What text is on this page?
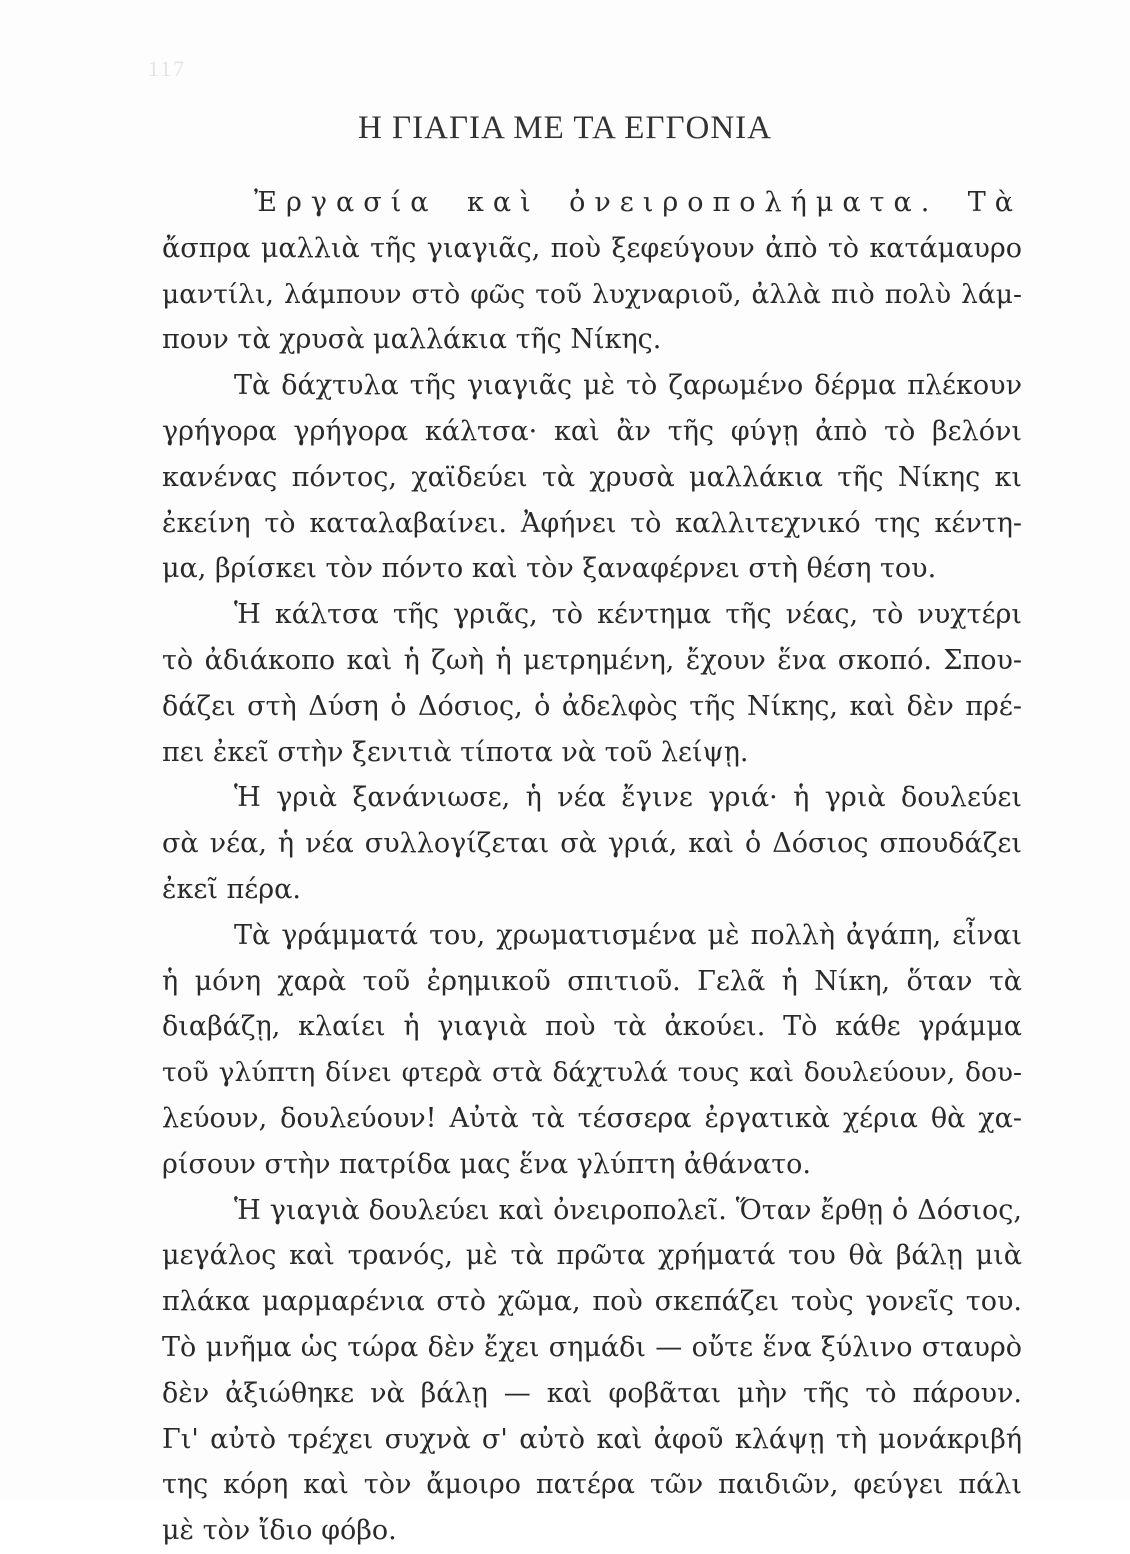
117
Η ΓΙΑΓΙΑ ΜΕ ΤΑ ΕΓΓΟΝΙΑ
Ἐργασία καὶ ὀνειροπολήματα. Τὰ
ἄσπρα μαλλιὰ τῆς γιαγιᾶς, ποὺ ξεφεύγουν ἀπὸ τὸ κατάμαυρο
μαντίλι, λάμπουν στὸ φῶς τοῦ λυχναριοῦ, ἀλλὰ πιὸ πολὺ λάμ-
πουν τὰ χρυσὰ μαλλάκια τῆς Νίκης.
Τὰ δάχτυλα τῆς γιαγιᾶς μὲ τὸ ζαρωμένο δέρμα πλέκουν
γρήγορα γρήγορα κάλτσα· καὶ ἂν τῆς φύγῃ ἀπὸ τὸ βελόνι
κανένας πόντος, χαϊδεύει τὰ χρυσὰ μαλλάκια τῆς Νίκης κι
ἐκείνη τὸ καταλαβαίνει. Ἀφήνει τὸ καλλιτεχνικό της κέντη-
μα, βρίσκει τὸν πόντο καὶ τὸν ξαναφέρνει στὴ θέση του.
Ἡ κάλτσα τῆς γριᾶς, τὸ κέντημα τῆς νέας, τὸ νυχτέρι
τὸ ἀδιάκοπο καὶ ἡ ζωὴ ἡ μετρημένη, ἔχουν ἕνα σκοπό. Σπου-
δάζει στὴ Δύση ὁ Δόσιος, ὁ ἀδελφὸς τῆς Νίκης, καὶ δὲν πρέ-
πει ἐκεῖ στὴν ξενιτιὰ τίποτα νὰ τοῦ λείψῃ.
Ἡ γριὰ ξανάνιωσε, ἡ νέα ἔγινε γριά· ἡ γριὰ δουλεύει
σὰ νέα, ἡ νέα συλλογίζεται σὰ γριά, καὶ ὁ Δόσιος σπουδάζει
ἐκεῖ πέρα.
Τὰ γράμματά του, χρωματισμένα μὲ πολλὴ ἀγάπη, εἶναι
ἡ μόνη χαρὰ τοῦ ἐρημικοῦ σπιτιοῦ. Γελᾶ ἡ Νίκη, ὅταν τὰ
διαβάζῃ, κλαίει ἡ γιαγιὰ ποὺ τὰ ἀκούει. Τὸ κάθε γράμμα
τοῦ γλύπτη δίνει φτερὰ στὰ δάχτυλά τους καὶ δουλεύουν, δου-
λεύουν, δουλεύουν! Αὐτὰ τὰ τέσσερα ἐργατικὰ χέρια θὰ χα-
ρίσουν στὴν πατρίδα μας ἕνα γλύπτη ἀθάνατο.
Ἡ γιαγιὰ δουλεύει καὶ ὀνειροπολεῖ. Ὅταν ἔρθῃ ὁ Δόσιος,
μεγάλος καὶ τρανός, μὲ τὰ πρῶτα χρήματά του θὰ βάλῃ μιὰ
πλάκα μαρμαρένια στὸ χῶμα, ποὺ σκεπάζει τοὺς γονεῖς του.
Τὸ μνῆμα ὡς τώρα δὲν ἔχει σημάδι — οὔτε ἕνα ξύλινο σταυρὸ
δὲν ἀξιώθηκε νὰ βάλῃ — καὶ φοβᾶται μὴν τῆς τὸ πάρουν.
Γι' αὐτὸ τρέχει συχνὰ σ' αὐτὸ καὶ ἀφοῦ κλάψῃ τὴ μονάκριβή
της κόρη καὶ τὸν ἄμοιρο πατέρα τῶν παιδιῶν, φεύγει πάλι
μὲ τὸν ἴδιο φόβο.
